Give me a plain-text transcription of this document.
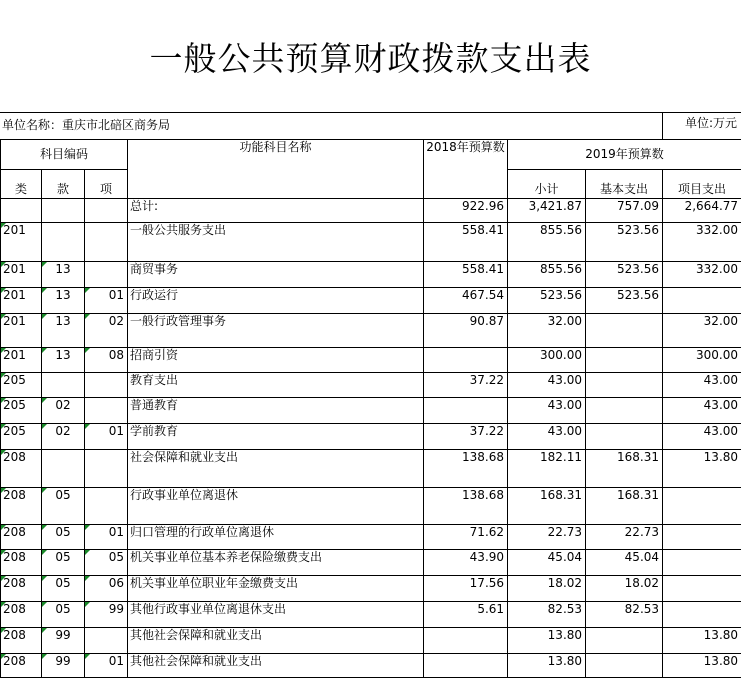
一般公共预算财政拨款支出表
单位名称：重庆市北碚区商务局	单位:万元
科目编码			功能科目名称	2018年预算数	2019年预算数		
类	款	项			小计	基本支出	项目支出
			总计:	922.96	3,421.87	757.09	2,664.77
201			一般公共服务支出	558.41	855.56	523.56	332.00
201	13		商贸事务	558.41	855.56	523.56	332.00
201	13	01	行政运行	467.54	523.56	523.56	
201	13	02	一般行政管理事务	90.87	32.00		32.00
201	13	08	招商引资		300.00		300.00
205			教育支出	37.22	43.00		43.00
205	02		普通教育		43.00		43.00
205	02	01	学前教育	37.22	43.00		43.00
208			社会保障和就业支出	138.68	182.11	168.31	13.80
208	05		行政事业单位离退休	138.68	168.31	168.31	
208	05	01	归口管理的行政单位离退休	71.62	22.73	22.73	
208	05	05	机关事业单位基本养老保险缴费支出	43.90	45.04	45.04	
208	05	06	机关事业单位职业年金缴费支出	17.56	18.02	18.02	
208	05	99	其他行政事业单位离退休支出	5.61	82.53	82.53	
208	99		其他社会保障和就业支出		13.80		13.80
208	99	01	其他社会保障和就业支出		13.80		13.80
